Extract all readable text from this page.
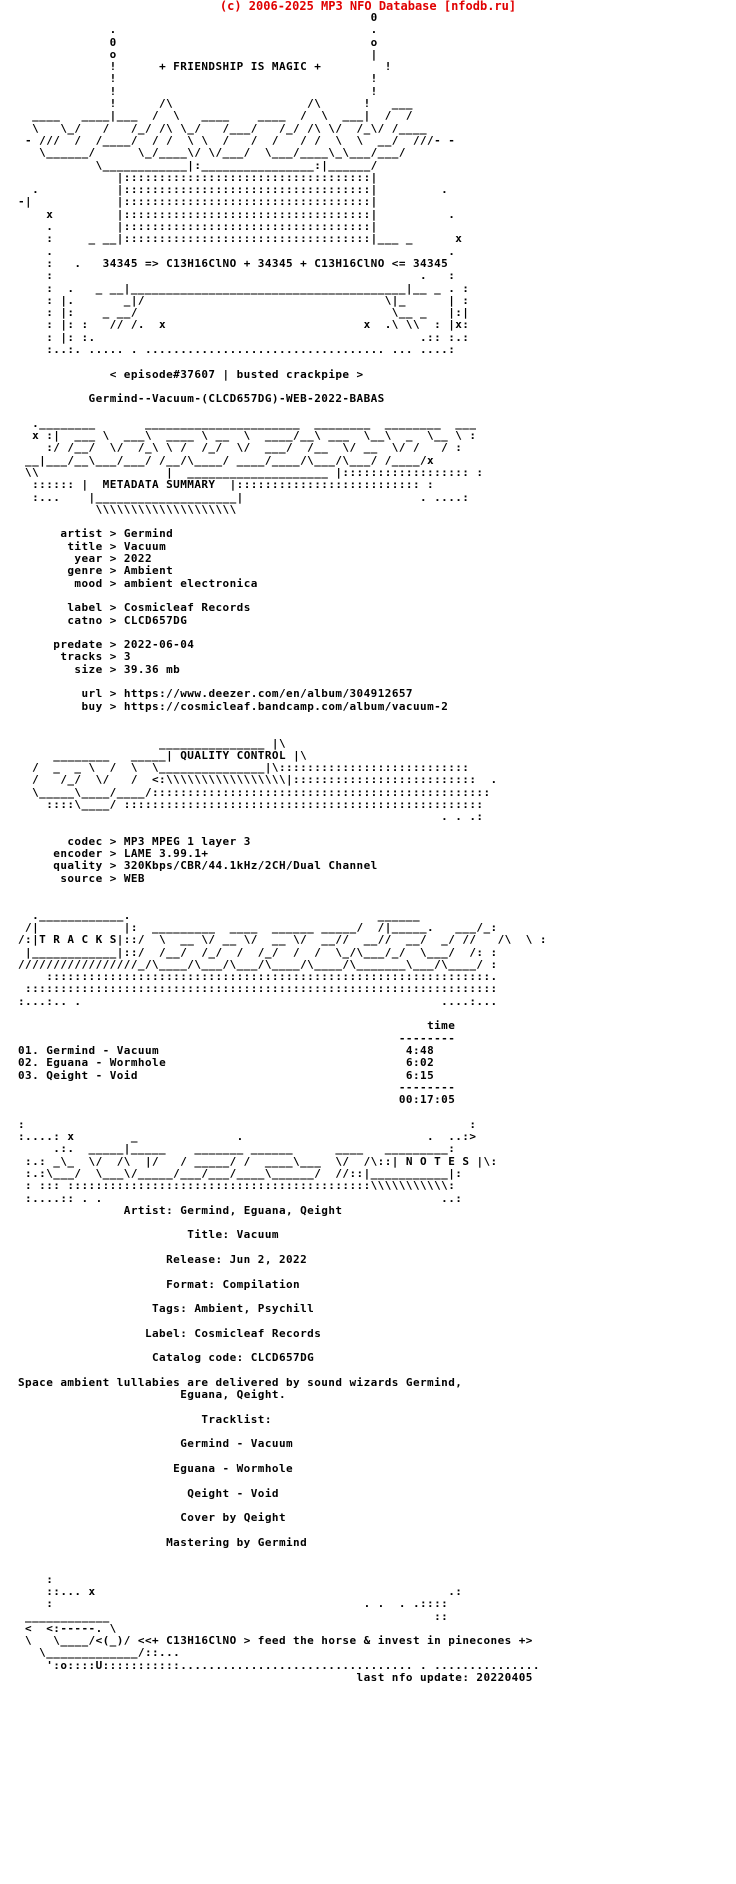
(c) 2006-2025 MP3 NFO Database [nfodb.ru]
0
.                                    .
0                                    o
o                                    |
!      + FRIENDSHIP IS MAGIC +         !
!                                    !
!                                    !
!      /\                   /\      !   ___
____   ____|___  /  \   ____    ____  /  \  ___|  /  /
\   \_/   /   /_/ /\ \_/   /___/   /_/ /\ \/  /_\/ /____
- ///  /  /____/  / /  \ \  /   /  /   / /  \  \  __/  ///- -
\______/      \_/____\/ \/___/  \___/____\_\___/___/
\____________|:________________:|______/
|:::::::::::::::::::::::::::::::::::|
.           |:::::::::::::::::::::::::::::::::::|         .
-|            |:::::::::::::::::::::::::::::::::::|
x         |:::::::::::::::::::::::::::::::::::|          .
.         |:::::::::::::::::::::::::::::::::::|
:     _ __|:::::::::::::::::::::::::::::::::::|___ _      x
.                                                        .
:   .   34345 => C13H16ClNO + 34345 + C13H16ClNO <= 34345
:                                                    .   :
:  .   _ __|_______________________________________|__ _ . :
: |.       _|/                                  \|_      | :
: |:    _ __/                                    \__ _   |:|
: |: :   // /.  x                            x  .\ \\  : |x:
: |: :.                                              .:: :.:
:..:. ..... . .................................. ... ....:

< episode#37607 | busted crackpipe >

Germind--Vacuum-(CLCD657DG)-WEB-2022-BABAS

.________       ______________________  ________  ________  ___
x :|  ___ \  ___\  ____ \ __  \  ____/__\ ___  \__\  _  \__ \ :
:/ /__/  \/  /_\ \ /  /_/  \/  ___/  /__  \/ __  \/ /   / :
__|___/__\___/___/ /__/\____/ ____/____/\___/\___/ /____/x
\\                  |  ____________________ |:::::::::::::::::: :
:::::: |  METADATA SUMMARY  |:::::::::::::::::::::::::: :
:...    |____________________|                         . ....:
\\\\\\\\\\\\\\\\\\\\

artist > Germind
title > Vacuum
year > 2022
genre > Ambient
mood > ambient electronica

label > Cosmicleaf Records
catno > CLCD657DG

predate > 2022-06-04
tracks > 3
size > 39.36 mb

url > https://www.deezer.com/en/album/304912657
buy > https://cosmicleaf.bandcamp.com/album/vacuum-2

_______________ |\
________   _____| QUALITY CONTROL |\
/  _  _ \  /  \  \_______________|\:::::::::::::::::::::::::::
/   /_/  \/   /  <:\\\\\\\\\\\\\\\\\|::::::::::::::::::::::::::  .
\_____\____/____/::::::::::::::::::::::::::::::::::::::::::::::::
::::\____/ :::::::::::::::::::::::::::::::::::::::::::::::::::
. . .:

codec > MP3 MPEG 1 layer 3
encoder > LAME 3.99.1+
quality > 320Kbps/CBR/44.1kHz/2CH/Dual Channel
source > WEB

.____________.                                   ______
/|            |:  _________  ____  ______ _____/  /|_____.   ___/_:
/:|T R A C K S|::/  \  __ \/ __ \/  __ \/  __//  __//  __/  _/ //   /\  \ :
|____________|::/  /__/  /_/  /  /_/  /  /  \_/\___/_/  \___/  /: :
/////////////////_/\____/\___/\___/\____/\____/\_______\___/\____/ :
:::::::::::::::::::::::::::::::::::::::::::::::::::::::::::::::.
:::::::::::::::::::::::::::::::::::::::::::::::::::::::::::::::::::
:...:.. .                                                   ....:...

time
--------
01. Germind - Vacuum	4:48
02. Eguana - Wormhole	6:02
03. Qeight - Void	6:15
--------
00:17:05

:                                                               :
:....: x        _              .                          .  ..:>
.:.  _____|_____    _______ ______      ____   _________:
:.: _\_  \/  /\  |/   / _____/ /  ____\___  \/  /\::| N O T E S |\:
:.:\___/  \___\/_____/___/___/____\______/  //::|___________|:
: ::: :::::::::::::::::::::::::::::::::::::::::::\\\\\\\\\\\:
:....:: . .                                                ..:
Artist: Germind, Eguana, Qeight

Title: Vacuum

Release: Jun 2, 2022

Format: Compilation

Tags: Ambient, Psychill

Label: Cosmicleaf Records

Catalog code: CLCD657DG

Space ambient lullabies are delivered by sound wizards Germind,
Eguana, Qeight.

Tracklist:

Germind - Vacuum

Eguana - Wormhole

Qeight - Void

Cover by Qeight

Mastering by Germind

:
::... x                                                  .:
:                                            . .  . .::::
____________                                              ::
<  <:-----. \
\   \____/<(_)/ <<+ C13H16ClNO > feed the horse & invest in pinecones +>
\_____________/::...
':o::::U:::::::::::................................. . ...............
last nfo update: 20220405
